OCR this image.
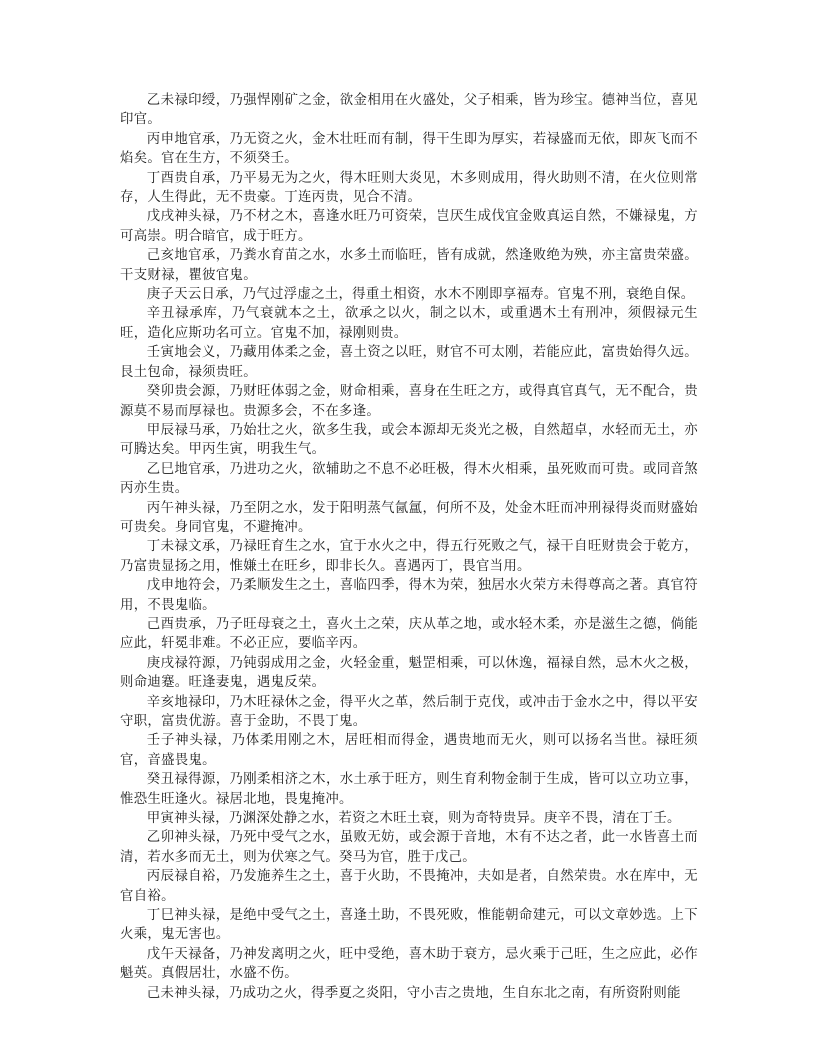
乙未禄印绶，乃强悍刚矿之金，欲金相用在火盛处，父子相乘，皆为珍宝。德神当位，喜见印官。

丙申地官承，乃无资之火，金木壮旺而有制，得干生即为厚实，若禄盛而无依，即灰飞而不焰矣。官在生方，不须癸壬。

丁酉贵自承，乃平易无为之火，得木旺则大炎见，木多则成用，得火助则不清，在火位则常存，人生得此，无不贵豪。丁连丙贵，见合不清。

戊戌神头禄，乃不材之木，喜逢水旺乃可资荣，岂厌生成伐宜金败真运自然，不嫌禄鬼，方可高崇。明合暗官，成于旺方。

己亥地官承，乃粪水育苗之水，水多土而临旺，皆有成就，然逢败绝为殃，亦主富贵荣盛。干支财禄，瞿彼官鬼。

庚子天云日承，乃气过浮虚之土，得重土相资，水木不刚即享福寿。官鬼不刑，衰绝自保。

辛丑禄承库，乃气衰就本之土，欲承之以火，制之以木，或重遇木土有刑冲，须假禄元生旺，造化应斯功名可立。官鬼不加，禄刚则贵。

壬寅地会义，乃藏用体柔之金，喜土资之以旺，财官不可太刚，若能应此，富贵始得久远。艮土包命，禄须贵旺。

癸卯贵会源，乃财旺体弱之金，财命相乘，喜身在生旺之方，或得真官真气，无不配合，贵源莫不易而厚禄也。贵源多会，不在多逢。

甲辰禄马承，乃始壮之火，欲多生我，或会本源却无炎光之极，自然超卓，水轻而无土，亦可腾达矣。甲丙生寅，明我生气。

乙巳地官承，乃进功之火，欲辅助之不息不必旺极，得木火相乘，虽死败而可贵。或同音煞丙亦生贵。

丙午神头禄，乃至阴之水，发于阳明蒸气氤氲，何所不及，处金木旺而冲刑禄得炎而财盛始可贵矣。身同官鬼，不避掩冲。

丁未禄文承，乃禄旺育生之水，宜于水火之中，得五行死败之气，禄干自旺财贵会于乾方，乃富贵显扬之用，惟嫌土在旺乡，即非长久。喜遇丙丁，畏官当用。

戊申地符会，乃柔顺发生之土，喜临四季，得木为荣，独居水火荣方未得尊高之著。真官符用，不畏鬼临。

己酉贵承，乃子旺母衰之土，喜火土之荣，庆从革之地，或水轻木柔，亦是滋生之德，倘能应此，轩冕非难。不必正应，要临辛丙。

庚戌禄符源，乃钝弱成用之金，火轻金重，魁罡相乘，可以休逸，福禄自然，忌木火之极，则命迪蹇。旺逢妻鬼，遇鬼反荣。

辛亥地禄印，乃木旺禄休之金，得平火之革，然后制于克伐，或冲击于金水之中，得以平安守职，富贵优游。喜于金助，不畏丁鬼。

壬子神头禄，乃体柔用刚之木，居旺相而得金，遇贵地而无火，则可以扬名当世。禄旺须官，音盛畏鬼。

癸丑禄得源，乃刚柔相济之木，水土承于旺方，则生育利物金制于生成，皆可以立功立事，惟恐生旺逢火。禄居北地，畏鬼掩冲。

甲寅神头禄，乃渊深处静之水，若资之木旺土衰，则为奇特贵异。庚辛不畏，清在丁壬。

乙卯神头禄，乃死中受气之水，虽败无妨，或会源于音地，木有不达之者，此一水皆喜土而清，若水多而无土，则为伏寒之气。癸马为官，胜于戊己。

丙辰禄自裕，乃发施养生之土，喜于火助，不畏掩冲，夫如是者，自然荣贵。水在库中，无官自裕。

丁巳神头禄，是绝中受气之土，喜逢土助，不畏死败，惟能朝命建元，可以文章妙选。上下火乘，鬼无害也。

戊午天禄备，乃神发离明之火，旺中受绝，喜木助于衰方，忌火乘于己旺，生之应此，必作魁英。真假居壮，水盛不伤。

己未神头禄，乃成功之火，得季夏之炎阳，守小吉之贵地，生自东北之南，有所资附则能
